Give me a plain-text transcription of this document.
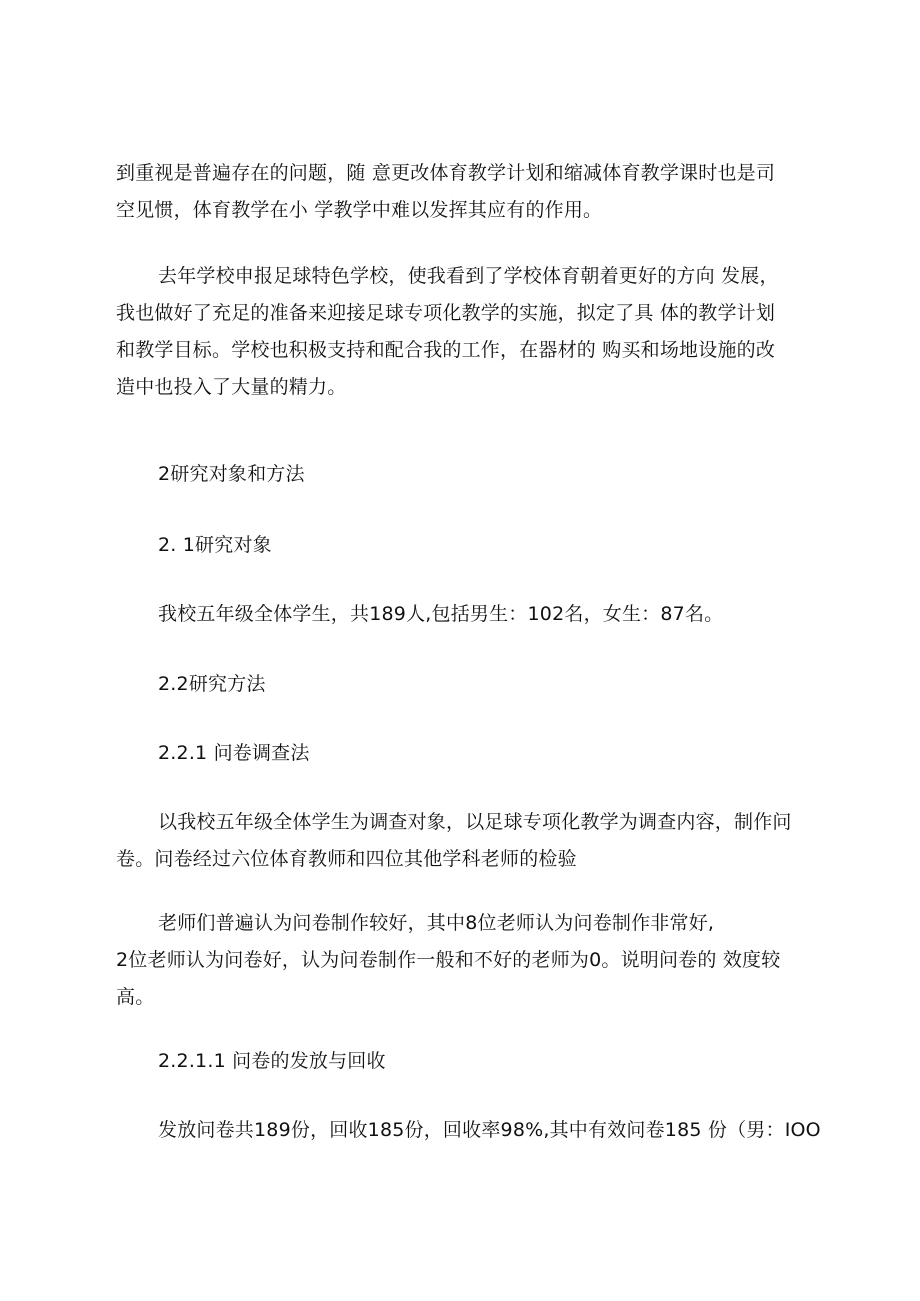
到重视是普遍存在的问题，随 意更改体育教学计划和缩减体育教学课时也是司
空见惯，体育教学在小 学教学中难以发挥其应有的作用。
去年学校申报足球特色学校，使我看到了学校体育朝着更好的方向 发展，
我也做好了充足的准备来迎接足球专项化教学的实施，拟定了具 体的教学计划
和教学目标。学校也积极支持和配合我的工作，在器材的 购买和场地设施的改
造中也投入了大量的精力。
2研究对象和方法
2. 1研究对象
我校五年级全体学生，共189人,包括男生：102名，女生：87名。
2.2研究方法
2.2.1 问卷调查法
以我校五年级全体学生为调查对象，以足球专项化教学为调查内容，制作问
卷。问卷经过六位体育教师和四位其他学科老师的检验
老师们普遍认为问卷制作较好，其中8位老师认为问卷制作非常好,
2位老师认为问卷好，认为问卷制作一般和不好的老师为0。说明问卷的 效度较
高。
2.2.1.1 问卷的发放与回收
发放问卷共189份，回收185份，回收率98%,其中有效问卷185 份（男：IOO
